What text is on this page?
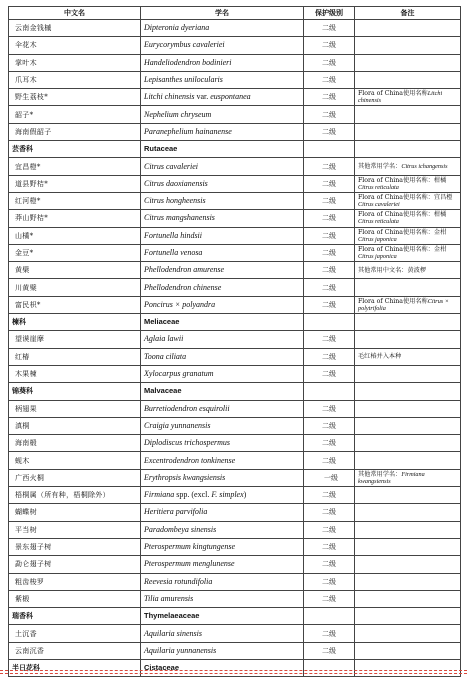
中文名	学名	保护级别	备注
云南金钱槭	Dipteronia dyeriana	二级	
伞花木	Eurycorymbus cavaleriei	二级	
掌叶木	Handeliodendron bodinieri	二级	
爪耳木	Lepisanthes unilocularis	二级	
野生荔枝*	Litchi chinensis var. euspontanea	二级	Flora of China使用名称Litchi chinensis
韶子*	Nephelium chryseum	二级	
海南假韶子	Paranephelium hainanense	二级	
芸香科	Rutaceae		
宜昌橙*	Citrus cavaleriei	二级	其他常用学名：Citrus ichangensis
道县野桔*	Citrus daoxianensis	二级	Flora of China使用名称：柑橘Citrus reticulata
红河橙*	Citrus hongheensis	二级	Flora of China使用名称：宜昌橙Citrus cavaleriei
莽山野桔*	Citrus mangshanensis	二级	Flora of China使用名称：柑橘Citrus reticulata
山橘*	Fortunella hindsii	二级	Flora of China使用名称：金柑Citrus japonica
金豆*	Fortunella venosa	二级	Flora of China使用名称：金柑Citrus japonica
黄檗	Phellodendron amurense	二级	其他常用中文名：黄波椤
川黄檗	Phellodendron chinense	二级	
富民枳*	Poncirus × polyandra	二级	Flora of China使用名称Citrus × polytrifolia
楝科	Meliaceae		
望谟崖摩	Aglaia lawii	二级	
红椿	Toona ciliata	二级	毛红椿并入本种
木果楝	Xylocarpus granatum	二级	
锦葵科	Malvaceae		
柄翅果	Burretiodendron esquirolii	二级	
滇桐	Craigia yunnanensis	二级	
海南椴	Diplodiscus trichospermus	二级	
蚬木	Excentrodendron tonkinense	二级	
广西火桐	Erythropsis kwangsiensis	一级	其他常用学名：Firmiana kwangsiensis
梧桐属（所有种，梧桐除外）	Firmiana spp. (excl. F. simplex)	二级	
蝴蝶树	Heritiera parvifolia	二级	
平当树	Paradombeya sinensis	二级	
景东翅子树	Pterospermum kingtungense	二级	
勐仑翅子树	Pterospermum menglunense	二级	
粗齿梭罗	Reevesia rotundifolia	二级	
紫椴	Tilia amurensis	二级	
瑞香科	Thymelaeaceae		
土沉香	Aquilaria sinensis	二级	
云南沉香	Aquilaria yunnanensis	二级	
半日花科	Cistaceae		
